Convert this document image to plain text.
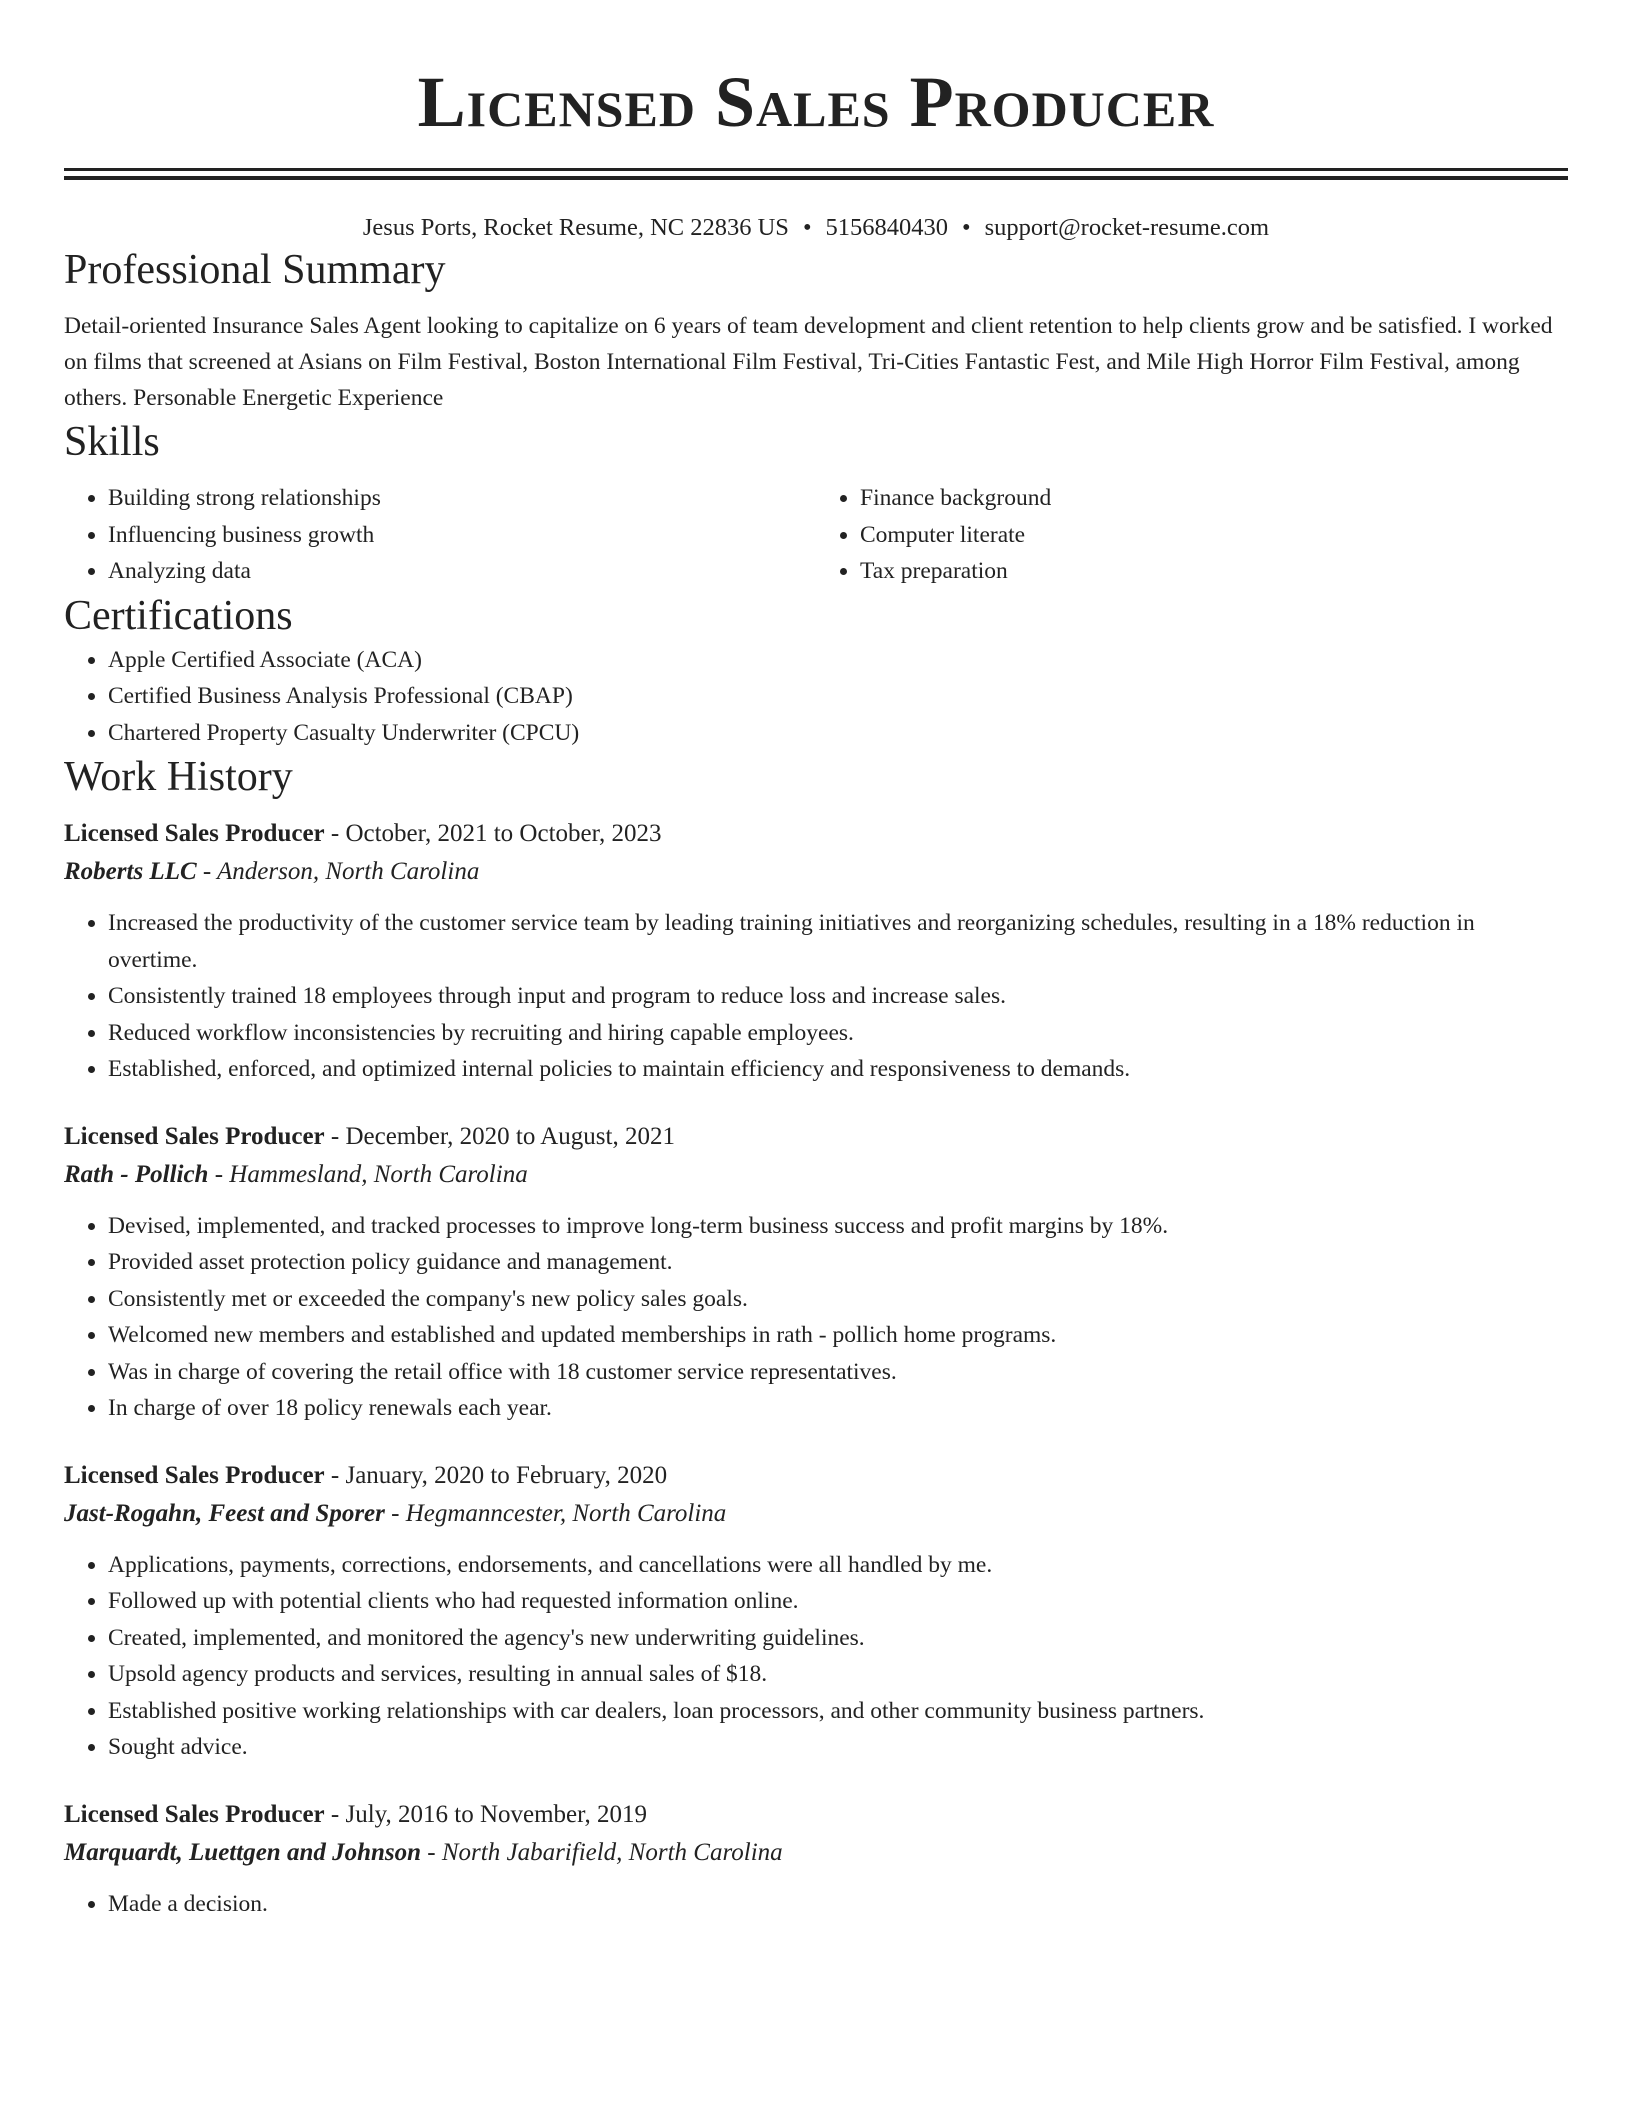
Licensed Sales Producer
Jesus Ports, Rocket Resume, NC 22836 US • 5156840430 • support@rocket-resume.com
Professional Summary

Detail-oriented Insurance Sales Agent looking to capitalize on 6 years of team development and client retention to help clients grow and be satisfied. I worked on films that screened at Asians on Film Festival, Boston International Film Festival, Tri-Cities Fantastic Fest, and Mile High Horror Film Festival, among others. Personable Energetic Experience

Skills
• Building strong relationships
• Influencing business growth
• Analyzing data
• Finance background
• Computer literate
• Tax preparation
Certifications
• Apple Certified Associate (ACA)
• Certified Business Analysis Professional (CBAP)
• Chartered Property Casualty Underwriter (CPCU)
Work History
Licensed Sales Producer - October, 2021 to October, 2023
Roberts LLC - Anderson, North Carolina
• Increased the productivity of the customer service team by leading training initiatives and reorganizing schedules, resulting in a 18% reduction in overtime.
• Consistently trained 18 employees through input and program to reduce loss and increase sales.
• Reduced workflow inconsistencies by recruiting and hiring capable employees.
• Established, enforced, and optimized internal policies to maintain efficiency and responsiveness to demands.
Licensed Sales Producer - December, 2020 to August, 2021
Rath - Pollich - Hammesland, North Carolina
• Devised, implemented, and tracked processes to improve long-term business success and profit margins by 18%.
• Provided asset protection policy guidance and management.
• Consistently met or exceeded the company's new policy sales goals.
• Welcomed new members and established and updated memberships in rath - pollich home programs.
• Was in charge of covering the retail office with 18 customer service representatives.
• In charge of over 18 policy renewals each year.
Licensed Sales Producer - January, 2020 to February, 2020
Jast-Rogahn, Feest and Sporer - Hegmanncester, North Carolina
• Applications, payments, corrections, endorsements, and cancellations were all handled by me.
• Followed up with potential clients who had requested information online.
• Created, implemented, and monitored the agency's new underwriting guidelines.
• Upsold agency products and services, resulting in annual sales of $18.
• Established positive working relationships with car dealers, loan processors, and other community business partners.
• Sought advice.
Licensed Sales Producer - July, 2016 to November, 2019
Marquardt, Luettgen and Johnson - North Jabarifield, North Carolina
• Made a decision.
